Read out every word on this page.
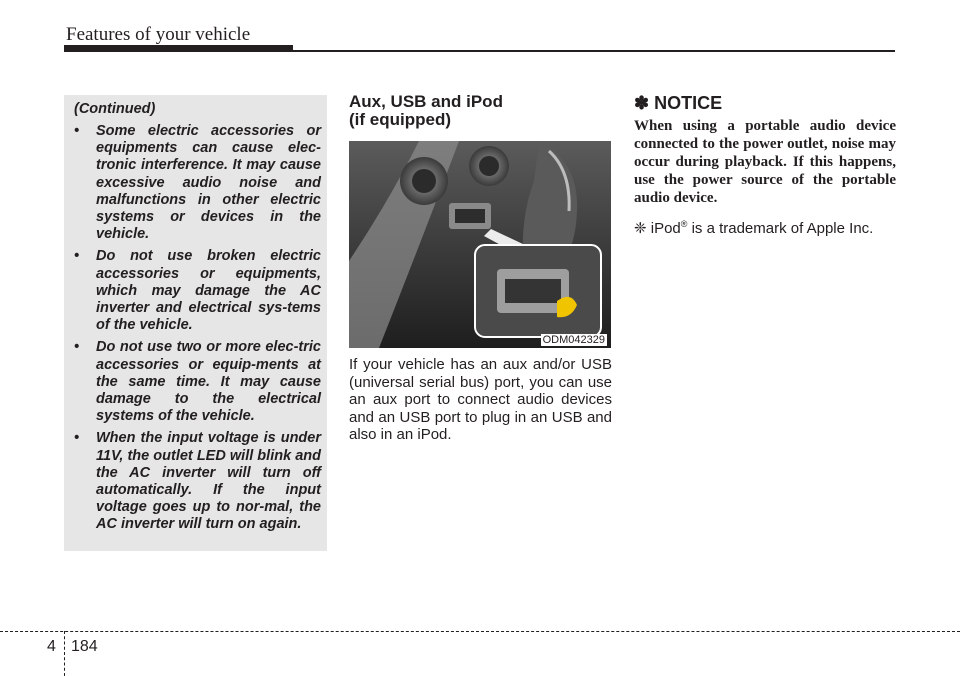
Features of your vehicle
(Continued)
• Some electric accessories or equipments can cause elec-tronic interference. It may cause excessive audio noise and malfunctions in other electric systems or devices in the vehicle.
• Do not use broken electric accessories or equipments, which may damage the AC inverter and electrical sys-tems of the vehicle.
• Do not use two or more elec-tric accessories or equip-ments at the same time. It may cause damage to the electrical systems of the vehicle.
• When the input voltage is under 11V, the outlet LED will blink and the AC inverter will turn off automatically. If the input voltage goes up to nor-mal, the AC inverter will turn on again.
Aux, USB and iPod
(if equipped)
ODM042329
If your vehicle has an aux and/or USB (universal serial bus) port, you can use an aux port to connect audio devices and an USB port to plug in an USB and also in an iPod.
✽ NOTICE
When using a portable audio device connected to the power outlet, noise may occur during playback. If this happens, use the power source of the portable audio device.
❈ iPod® is a trademark of Apple Inc.
4 184
